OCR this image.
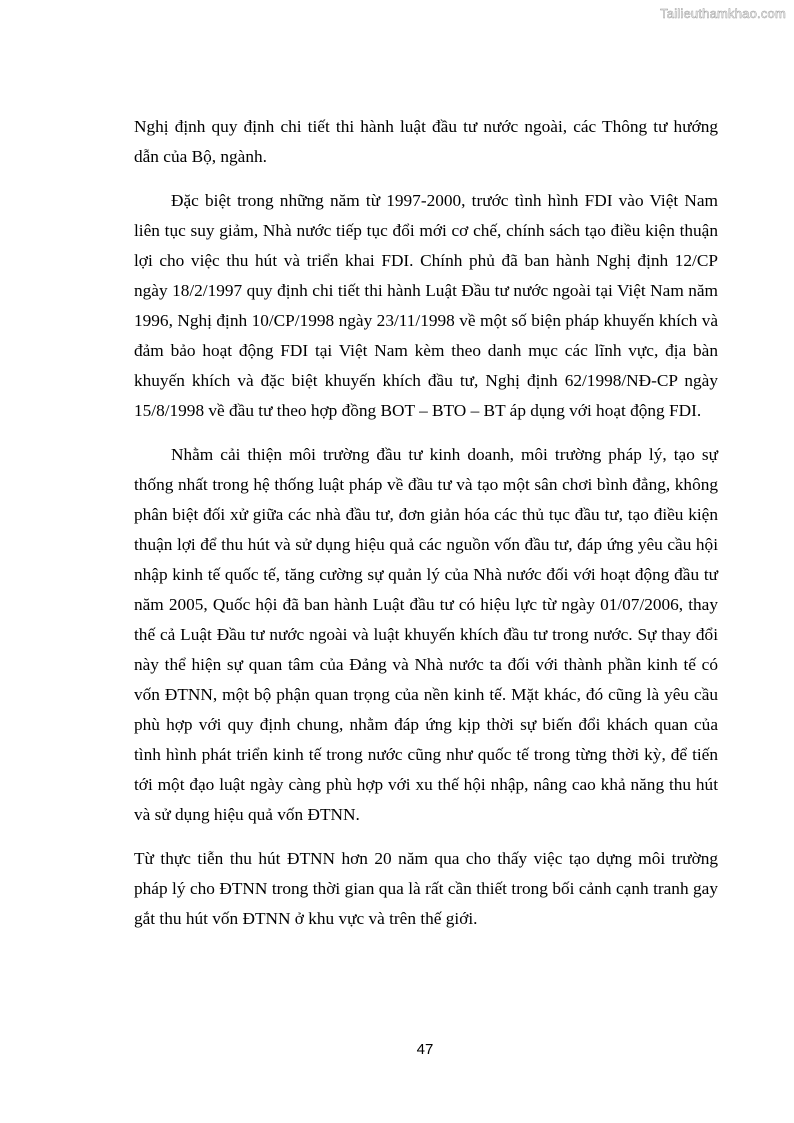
Tailieuthamkhao.com

Nghị định quy định chi tiết thi hành luật đầu tư nước ngoài, các Thông tư hướng dẫn của Bộ, ngành.

Đặc biệt trong những năm từ 1997-2000, trước tình hình FDI vào Việt Nam liên tục suy giảm, Nhà nước tiếp tục đổi mới cơ chế, chính sách tạo điều kiện thuận lợi cho việc thu hút và triển khai FDI. Chính phủ đã ban hành Nghị định 12/CP ngày 18/2/1997 quy định chi tiết thi hành Luật Đầu tư nước ngoài tại Việt Nam năm 1996, Nghị định 10/CP/1998 ngày 23/11/1998 về một số biện pháp khuyến khích và đảm bảo hoạt động FDI tại Việt Nam kèm theo danh mục các lĩnh vực, địa bàn khuyến khích và đặc biệt khuyến khích đầu tư, Nghị định 62/1998/NĐ-CP ngày 15/8/1998 về đầu tư theo hợp đồng BOT – BTO – BT áp dụng với hoạt động FDI.

Nhằm cải thiện môi trường đầu tư kinh doanh, môi trường pháp lý, tạo sự thống nhất trong hệ thống luật pháp về đầu tư và tạo một sân chơi bình đẳng, không phân biệt đối xử giữa các nhà đầu tư, đơn giản hóa các thủ tục đầu tư, tạo điều kiện thuận lợi để thu hút và sử dụng hiệu quả các nguồn vốn đầu tư, đáp ứng yêu cầu hội nhập kinh tế quốc tế, tăng cường sự quản lý của Nhà nước đối với hoạt động đầu tư năm 2005, Quốc hội đã ban hành Luật đầu tư có hiệu lực từ ngày 01/07/2006, thay thế cả Luật Đầu tư nước ngoài và luật khuyến khích đầu tư trong nước. Sự thay đổi này thể hiện sự quan tâm của Đảng và Nhà nước ta đối với thành phần kinh tế có vốn ĐTNN, một bộ phận quan trọng của nền kinh tế. Mặt khác, đó cũng là yêu cầu phù hợp với quy định chung, nhằm đáp ứng kịp thời sự biến đổi khách quan của tình hình phát triển kinh tế trong nước cũng như quốc tế trong từng thời kỳ, để tiến tới một đạo luật ngày càng phù hợp với xu thế hội nhập, nâng cao khả năng thu hút và sử dụng hiệu quả vốn ĐTNN.

Từ thực tiễn thu hút ĐTNN hơn 20 năm qua cho thấy việc tạo dựng môi trường pháp lý cho ĐTNN trong thời gian qua là rất cần thiết trong bối cảnh cạnh tranh gay gắt thu hút vốn ĐTNN ở khu vực và trên thế giới.

47
